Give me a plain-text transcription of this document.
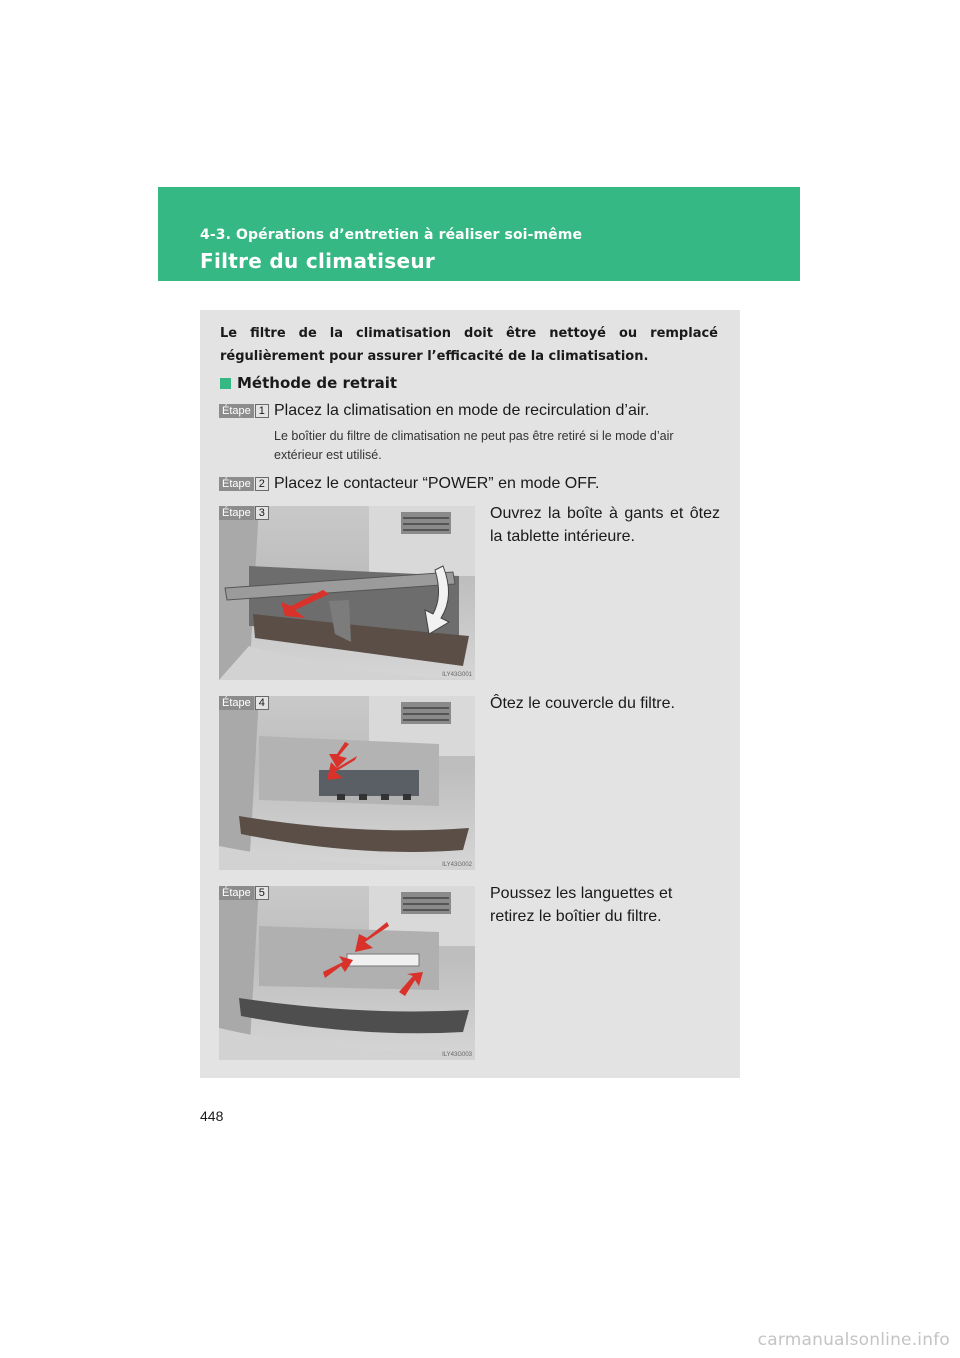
4-3. Opérations d’entretien à réaliser soi-même
Filtre du climatiseur
Le filtre de la climatisation doit être nettoyé ou remplacé régulièrement pour assurer l’efficacité de la climatisation.
Méthode de retrait
Étape 1 Placez la climatisation en mode de recirculation d’air.
Le boîtier du filtre de climatisation ne peut pas être retiré si le mode d’air extérieur est utilisé.
Étape 2 Placez le contacteur “POWER” en mode OFF.
Étape 3
ILY43G001
Ouvrez la boîte à gants et ôtez la tablette intérieure.
Étape 4
ILY43G002
Ôtez le couvercle du filtre.
Étape 5
ILY43G003
Poussez les languettes et retirez le boîtier du filtre.
448
carmanualsonline.info
